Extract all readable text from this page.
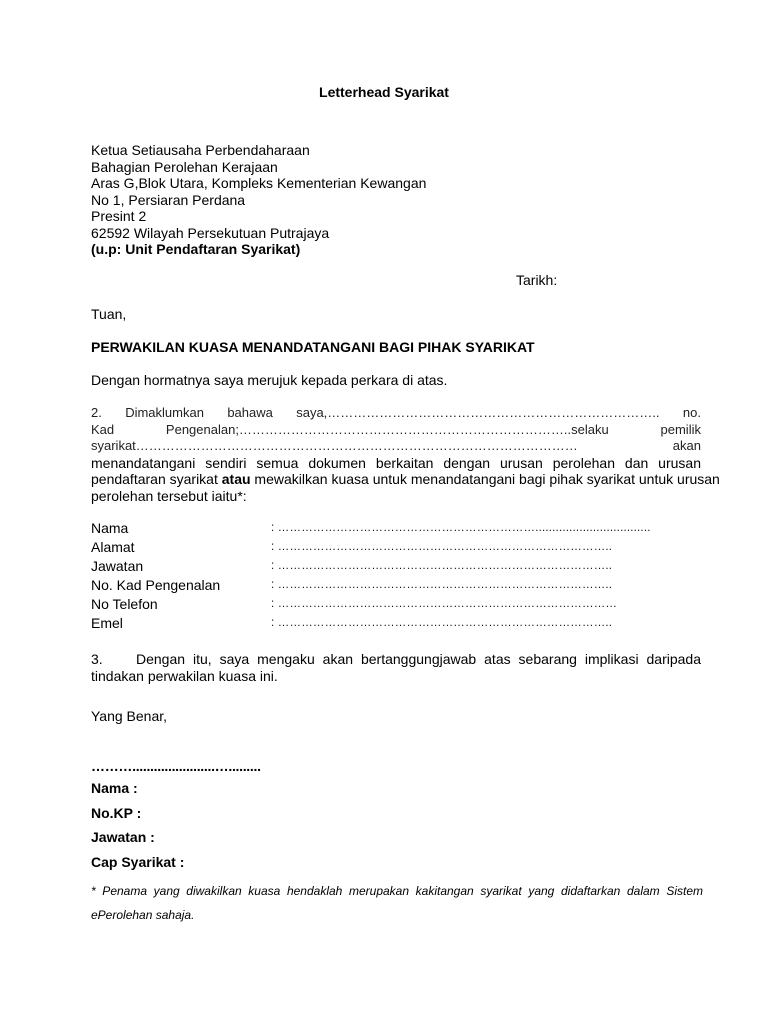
Letterhead Syarikat
Ketua Setiausaha Perbendaharaan
Bahagian Perolehan Kerajaan
Aras G,Blok Utara, Kompleks Kementerian Kewangan
No 1, Persiaran Perdana
Presint 2
62592 Wilayah Persekutuan Putrajaya
(u.p: Unit Pendaftaran Syarikat)
Tarikh:
Tuan,
PERWAKILAN KUASA MENANDATANGANI BAGI PIHAK SYARIKAT
Dengan hormatnya saya merujuk kepada perkara di atas.
2. Dimaklumkan bahawa saya,………………………………………………………………….. no.
Kad	Pengenalan;…………………………………………………………………..selaku	pemilik
syarikat…………………………………………………………………………………………	akan
menandatangani sendiri semua dokumen berkaitan dengan urusan perolehan dan urusan
pendaftaran syarikat atau mewakilkan kuasa untuk menandatangani bagi pihak syarikat untuk urusan
perolehan tersebut iaitu*:
Nama	: …………………………………………………………..................................
Alamat	: …………………………………………………………………………..
Jawatan	: …………………………………………………………………………..
No. Kad Pengenalan	: …………………………………………………………………………..
No Telefon	: ……………………………………………………………………………
Emel	: …………………………………………………………………………..
3.	Dengan itu, saya mengaku akan bertanggungjawab atas sebarang implikasi daripada
tindakan perwakilan kuasa ini.
Yang Benar,
……….......................….........
Nama :
No.KP :
Jawatan :
Cap Syarikat :
* Penama yang diwakilkan kuasa hendaklah merupakan kakitangan syarikat yang didaftarkan dalam Sistem
ePerolehan sahaja.
